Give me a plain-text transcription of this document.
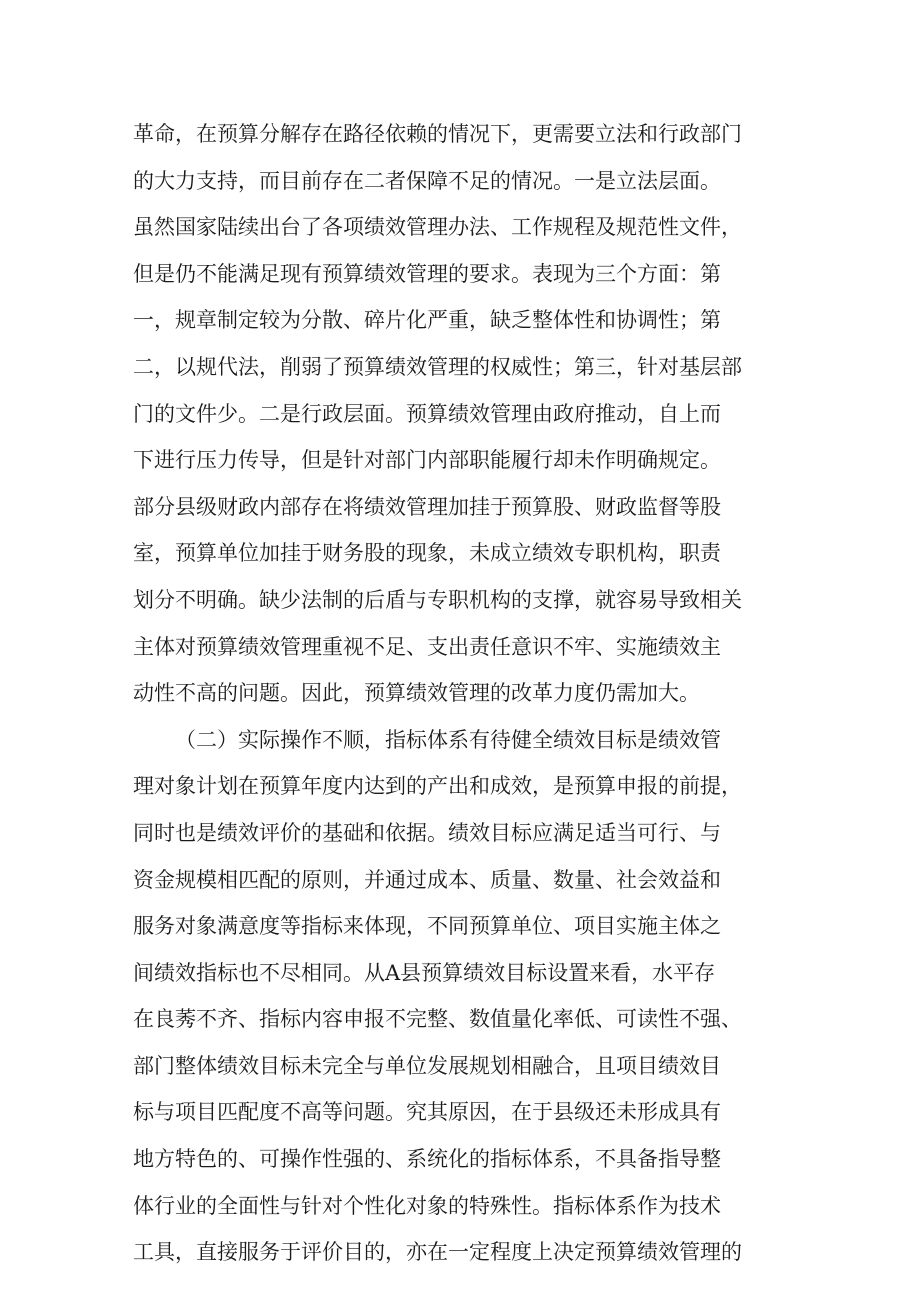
革命，在预算分解存在路径依赖的情况下，更需要立法和行政部门
的大力支持，而目前存在二者保障不足的情况。一是立法层面。
虽然国家陆续出台了各项绩效管理办法、工作规程及规范性文件，
但是仍不能满足现有预算绩效管理的要求。表现为三个方面：第
一，规章制定较为分散、碎片化严重，缺乏整体性和协调性；第
二，以规代法，削弱了预算绩效管理的权威性；第三，针对基层部
门的文件少。二是行政层面。预算绩效管理由政府推动，自上而
下进行压力传导，但是针对部门内部职能履行却未作明确规定。
部分县级财政内部存在将绩效管理加挂于预算股、财政监督等股
室，预算单位加挂于财务股的现象，未成立绩效专职机构，职责
划分不明确。缺少法制的后盾与专职机构的支撑，就容易导致相关
主体对预算绩效管理重视不足、支出责任意识不牢、实施绩效主
动性不高的问题。因此，预算绩效管理的改革力度仍需加大。
（二）实际操作不顺，指标体系有待健全绩效目标是绩效管
理对象计划在预算年度内达到的产出和成效，是预算申报的前提，
同时也是绩效评价的基础和依据。绩效目标应满足适当可行、与
资金规模相匹配的原则，并通过成本、质量、数量、社会效益和
服务对象满意度等指标来体现，不同预算单位、项目实施主体之
间绩效指标也不尽相同。从A县预算绩效目标设置来看，水平存
在良莠不齐、指标内容申报不完整、数值量化率低、可读性不强、
部门整体绩效目标未完全与单位发展规划相融合，且项目绩效目
标与项目匹配度不高等问题。究其原因，在于县级还未形成具有
地方特色的、可操作性强的、系统化的指标体系，不具备指导整
体行业的全面性与针对个性化对象的特殊性。指标体系作为技术
工具，直接服务于评价目的，亦在一定程度上决定预算绩效管理的
